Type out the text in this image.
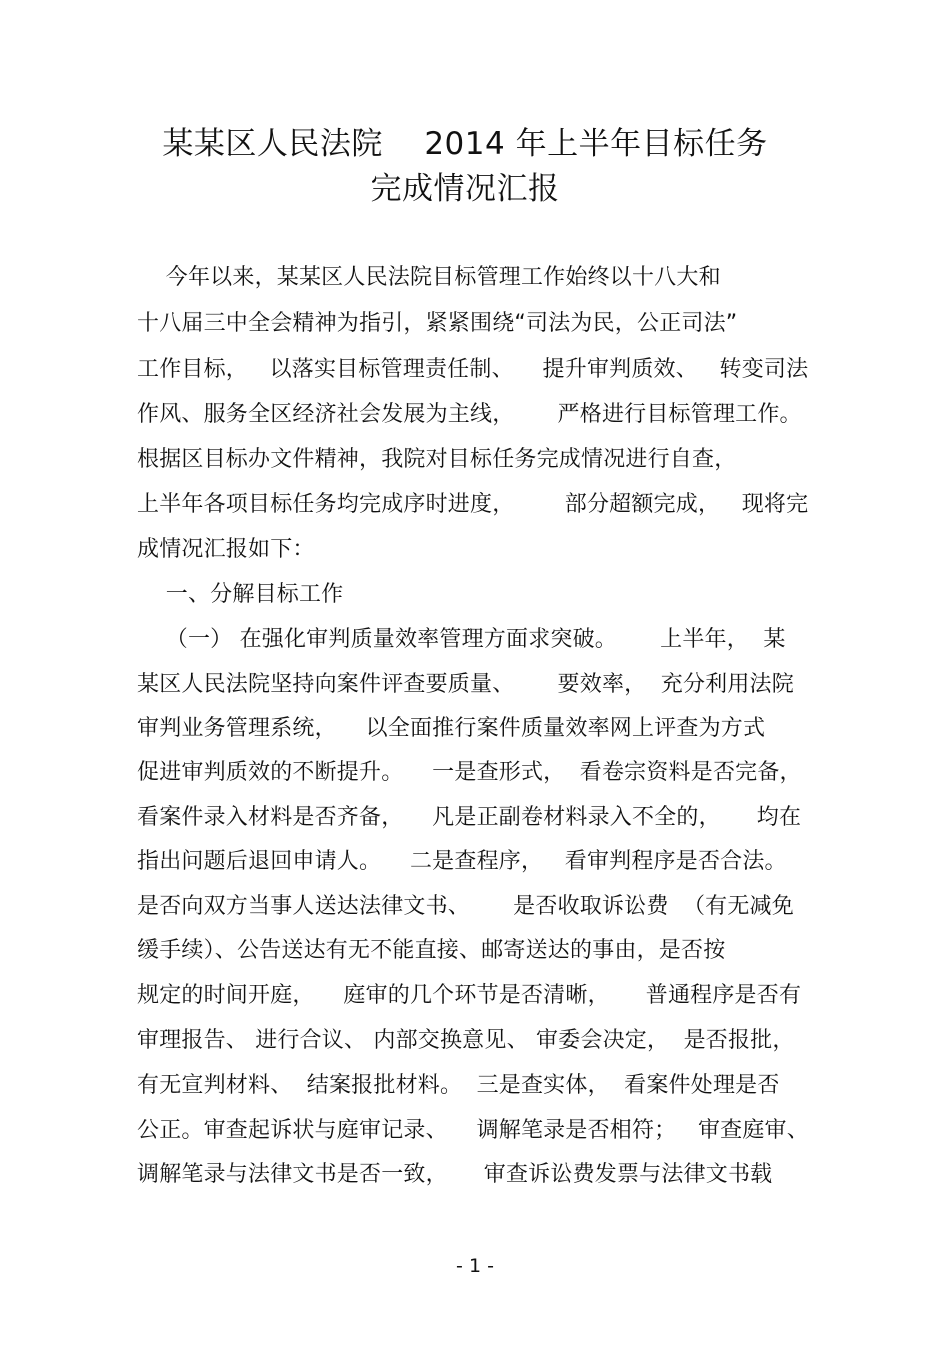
某某区人民法院    2014 年上半年目标任务
完成情况汇报
今年以来，某某区人民法院目标管理工作始终以十八大和
十八届三中全会精神为指引，紧紧围绕“司法为民，公正司法”
工作目标，   以落实目标管理责任制、    提升审判质效、   转变司法
作风、服务全区经济社会发展为主线，      严格进行目标管理工作。
根据区目标办文件精神，我院对目标任务完成情况进行自查，
上半年各项目标任务均完成序时进度，       部分超额完成，   现将完
成情况汇报如下：
一、分解目标工作
（一） 在强化审判质量效率管理方面求突破。      上半年，  某
某区人民法院坚持向案件评查要质量、      要效率，  充分利用法院
审判业务管理系统，    以全面推行案件质量效率网上评查为方式
促进审判质效的不断提升。    一是查形式，  看卷宗资料是否完备，
看案件录入材料是否齐备，    凡是正副卷材料录入不全的，     均在
指出问题后退回申请人。    二是查程序，   看审判程序是否合法。
是否向双方当事人送达法律文书、      是否收取诉讼费  （有无减免
缓手续）、公告送达有无不能直接、邮寄送达的事由，是否按
规定的时间开庭，    庭审的几个环节是否清晰，     普通程序是否有
审理报告、 进行合议、 内部交换意见、 审委会决定，  是否报批，
有无宣判材料、  结案报批材料。  三是查实体，  看案件处理是否
公正。审查起诉状与庭审记录、    调解笔录是否相符；   审查庭审、
调解笔录与法律文书是否一致，     审查诉讼费发票与法律文书载
- 1 -
